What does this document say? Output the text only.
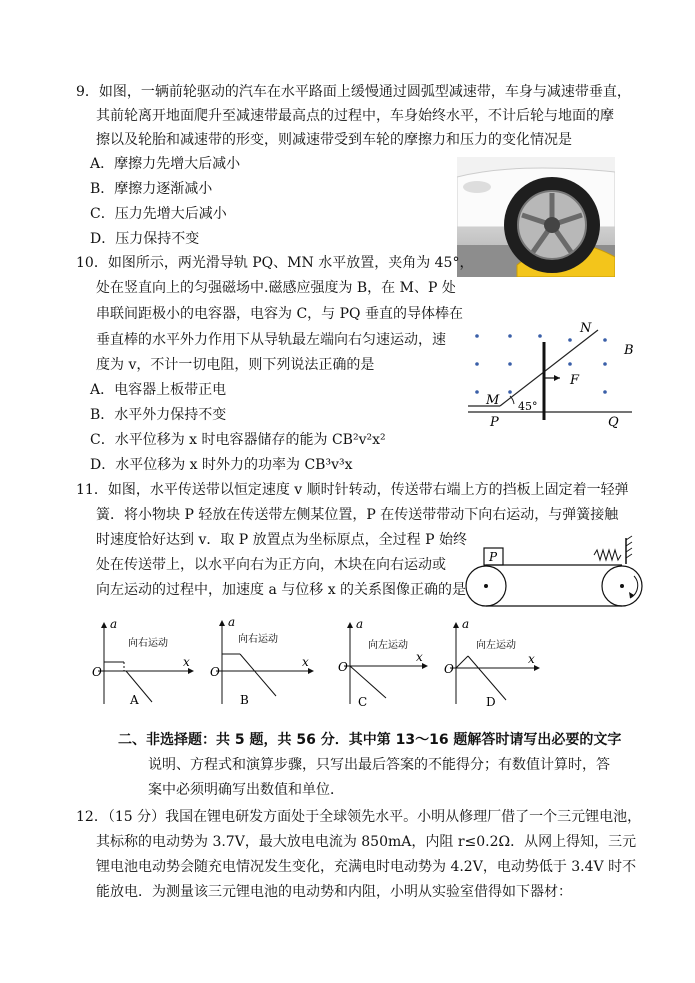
9．如图，一辆前轮驱动的汽车在水平路面上缓慢通过圆弧型减速带，车身与减速带垂直，
其前轮离开地面爬升至减速带最高点的过程中，车身始终水平，不计后轮与地面的摩
擦以及轮胎和减速带的形变，则减速带受到车轮的摩擦力和压力的变化情况是
A．摩擦力先增大后减小
B．摩擦力逐渐减小
C．压力先增大后减小
D．压力保持不变
10．如图所示，两光滑导轨 PQ、MN 水平放置，夹角为 45°，
处在竖直向上的匀强磁场中.磁感应强度为 B，在 M、P 处
串联间距极小的电容器，电容为 C，与 PQ 垂直的导体棒在
垂直棒的水平外力作用下从导轨最左端向右匀速运动，速
度为 v，不计一切电阻，则下列说法正确的是
A．电容器上板带正电
B．水平外力保持不变
C．水平位移为 x 时电容器储存的能为 CB²v²x²
D．水平位移为 x 时外力的功率为 CB³v³x
N
B
F
M 45°
P	Q
11．如图，水平传送带以恒定速度 v 顺时针转动，传送带右端上方的挡板上固定着一轻弹
簧．将小物块 P 轻放在传送带左侧某位置，P 在传送带带动下向右运动，与弹簧接触
时速度恰好达到 v．取 P 放置点为坐标原点，全过程 P 始终
处在传送带上，以水平向右为正方向，木块在向右运动或
向左运动的过程中，加速度 a 与位移 x 的关系图像正确的是
P
a
x
O
向右运动
A
a
x
O
向右运动
B
a
x
O
向左运动
C
a
x
O
向左运动
D
二、非选择题：共 5 题，共 56 分．其中第 13～16 题解答时请写出必要的文字
说明、方程式和演算步骤，只写出最后答案的不能得分；有数值计算时，答
案中必须明确写出数值和单位．
12．（15 分）我国在锂电研发方面处于全球领先水平。小明从修理厂借了一个三元锂电池，
其标称的电动势为 3.7V，最大放电电流为 850mA，内阻 r≤0.2Ω．从网上得知，三元
锂电池电动势会随充电情况发生变化，充满电时电动势为 4.2V，电动势低于 3.4V 时不
能放电．为测量该三元锂电池的电动势和内阻，小明从实验室借得如下器材：
